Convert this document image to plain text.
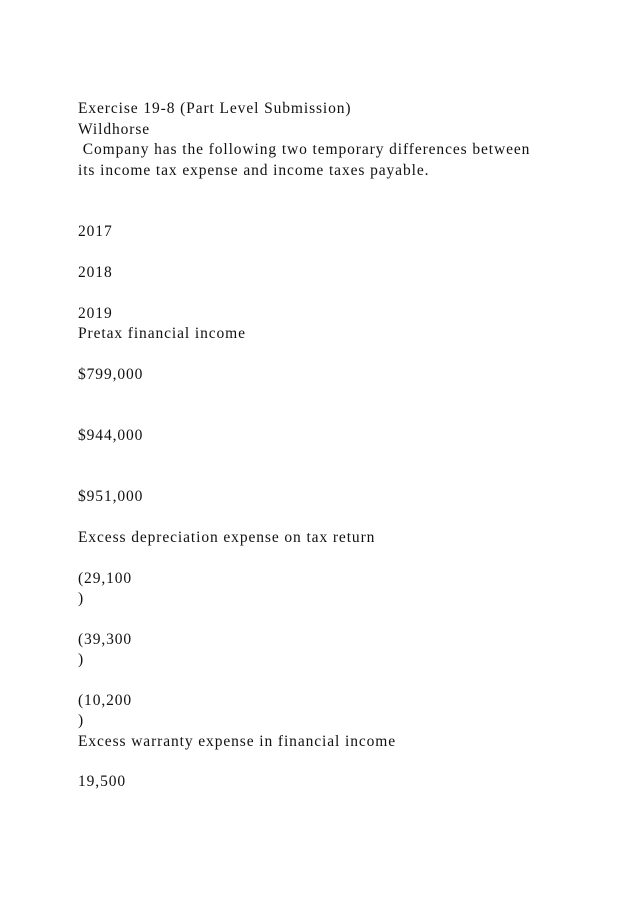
Exercise 19-8 (Part Level Submission)

Wildhorse

Company has the following two temporary differences between

its income tax expense and income taxes payable.

2017

2018

2019

Pretax financial income

$799,000

$944,000

$951,000

Excess depreciation expense on tax return

(29,100

)

(39,300

)

(10,200

)

Excess warranty expense in financial income

19,500
